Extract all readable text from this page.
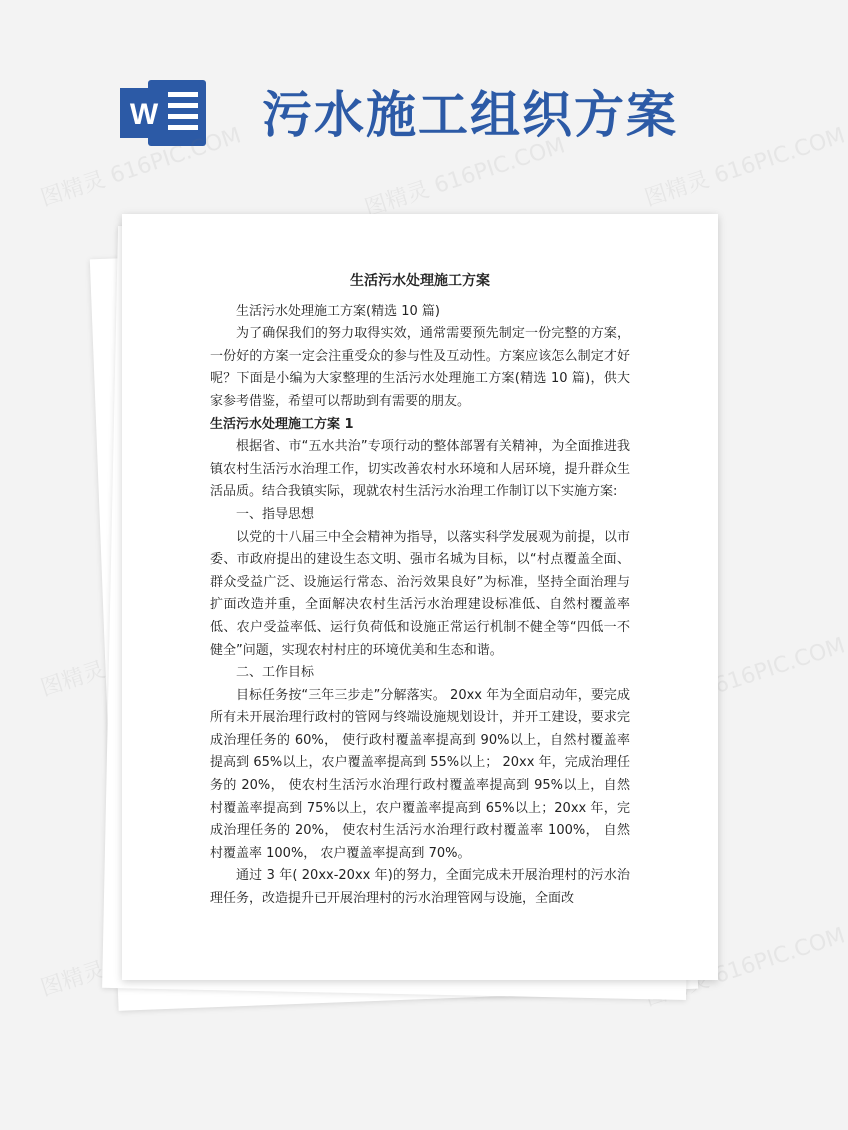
W 污水施工组织方案
图精灵 616PIC.COM	图精灵 616PIC.COM	图精灵 616PIC.COM
图精灵	图精灵 616PIC.COM
图精灵	图精灵 616PIC.COM

生活污水处理施工方案

生活污水处理施工方案(精选 10 篇)

为了确保我们的努力取得实效，通常需要预先制定一份完整的方案，一份好的方案一定会注重受众的参与性及互动性。方案应该怎么制定才好呢？下面是小编为大家整理的生活污水处理施工方案(精选 10 篇)，供大家参考借鉴，希望可以帮助到有需要的朋友。

生活污水处理施工方案 1

根据省、市“五水共治”专项行动的整体部署有关精神，为全面推进我镇农村生活污水治理工作，切实改善农村水环境和人居环境，提升群众生活品质。结合我镇实际，现就农村生活污水治理工作制订以下实施方案:

一、指导思想

以党的十八届三中全会精神为指导，以落实科学发展观为前提，以市委、市政府提出的建设生态文明、强市名城为目标，以“村点覆盖全面、群众受益广泛、设施运行常态、治污效果良好”为标准，坚持全面治理与扩面改造并重，全面解决农村生活污水治理建设标准低、自然村覆盖率低、农户受益率低、运行负荷低和设施正常运行机制不健全等“四低一不健全”问题，实现农村村庄的环境优美和生态和谐。

二、工作目标

目标任务按“三年三步走”分解落实。 20xx 年为全面启动年，要完成所有未开展治理行政村的管网与终端设施规划设计，并开工建设，要求完成治理任务的 60%， 使行政村覆盖率提高到 90%以上，自然村覆盖率提高到 65%以上，农户覆盖率提高到 55%以上； 20xx 年，完成治理任务的 20%， 使农村生活污水治理行政村覆盖率提高到 95%以上，自然村覆盖率提高到 75%以上，农户覆盖率提高到 65%以上；20xx 年，完成治理任务的 20%， 使农村生活污水治理行政村覆盖率 100%， 自然村覆盖率 100%， 农户覆盖率提高到 70%。

通过 3 年( 20xx-20xx 年)的努力，全面完成未开展治理村的污水治理任务，改造提升已开展治理村的污水治理管网与设施，全面改
